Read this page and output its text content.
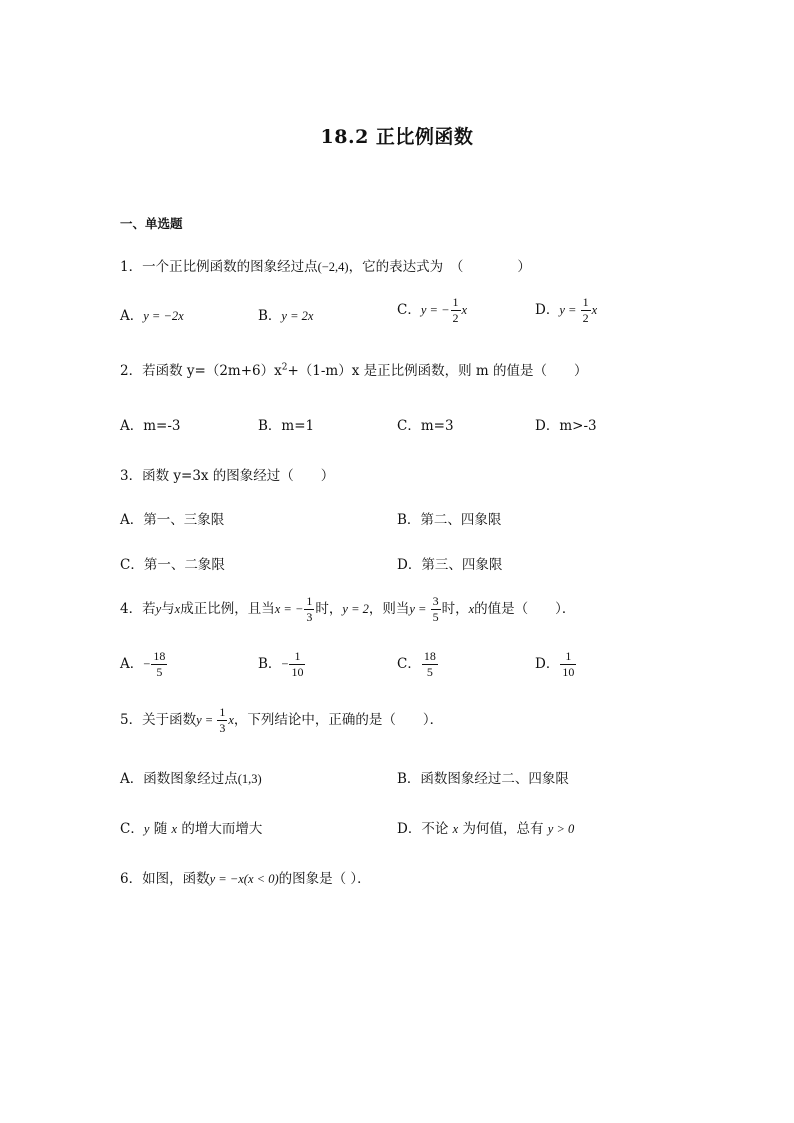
18.2 正比例函数
一、单选题
1．一个正比例函数的图象经过点(−2,4)，它的表达式为　（　　　　）
A．y = −2x	B．y = 2x	C．y = − $\frac{1}{2}$ x	D．$y = \frac{1}{2}$ x
2．若函数 $y=(2m+6)x^2+(1-m)x$ 是正比例函数，则 m 的值是（　　）
A．m=-3	B．m=1	C．m=3	D．m>-3
3．函数 y=3x 的图象经过（　　）
A．第一、三象限	B．第二、四象限
C．第一、二象限	D．第三、四象限
4．若y与x成正比例，且当x = − $\frac{1}{3}$ 时，y = 2，则当$y = \frac{3}{5}$ 时，x的值是（　　）．
A．− $\frac{18}{5}$	B．− $\frac{1}{10}$	C． $\frac{18}{5}$	D． $\frac{1}{10}$
5．关于函数$y = \frac{1}{3}$ x，下列结论中，正确的是（　　）．
A．函数图象经过点(1,3)	B．函数图象经过二、四象限
C．y 随 x 的增大而增大	D．不论 x 为何值，总有 y > 0
6．如图，函数y = −x(x < 0)的图象是（ ）．
